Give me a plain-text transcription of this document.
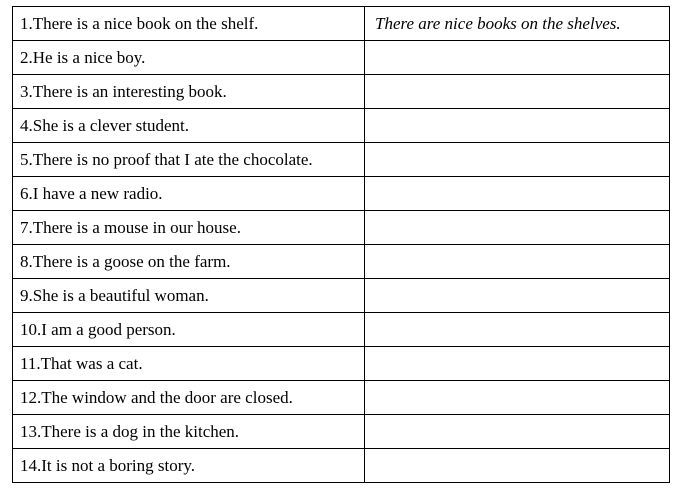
1.There is a nice book on the shelf.	There are nice books on the shelves.
2.He is a nice boy.	
3.There is an interesting book.	
4.She is a clever student.	
5.There is no proof that I ate the chocolate.	
6.I have a new radio.	
7.There is a mouse in our house.	
8.There is a goose on the farm.	
9.She is a beautiful woman.	
10.I am a good person.	
11.That was a cat.	
12.The window and the door are closed.	
13.There is a dog in the kitchen.	
14.It is not a boring story.	
